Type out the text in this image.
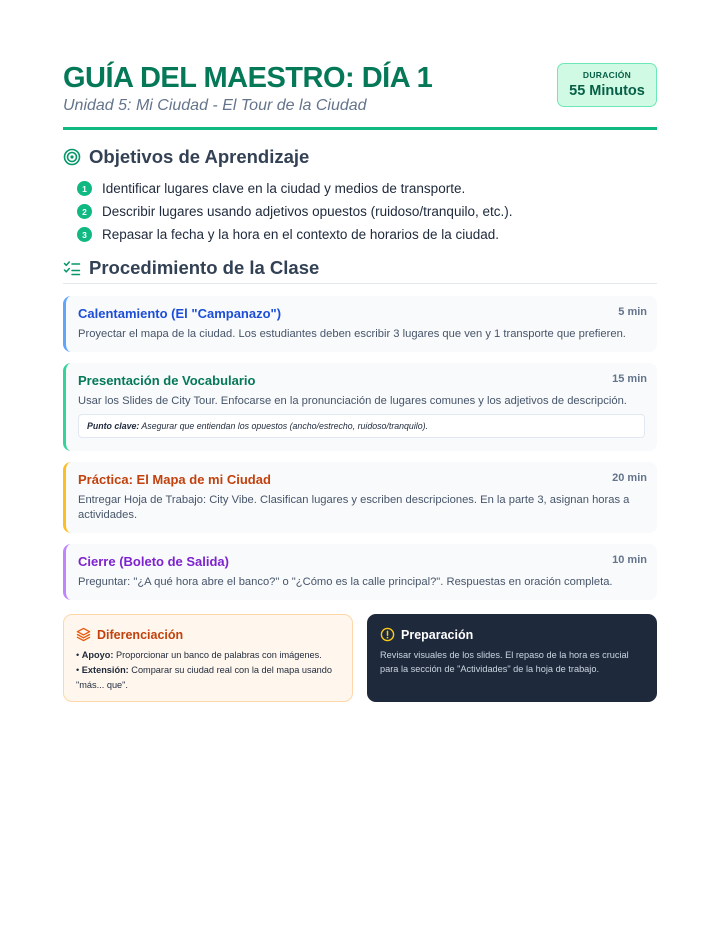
GUÍA DEL MAESTRO: DÍA 1
Unidad 5: Mi Ciudad - El Tour de la Ciudad
DURACIÓN
55 Minutos
Objetivos de Aprendizaje
1	Identificar lugares clave en la ciudad y medios de transporte.
2	Describir lugares usando adjetivos opuestos (ruidoso/tranquilo, etc.).
3	Repasar la fecha y la hora en el contexto de horarios de la ciudad.
Procedimiento de la Clase
Calentamiento (El "Campanazo")	5 min
Proyectar el mapa de la ciudad. Los estudiantes deben escribir 3 lugares que ven y 1 transporte que prefieren.
Presentación de Vocabulario	15 min
Usar los Slides de City Tour. Enfocarse en la pronunciación de lugares comunes y los adjetivos de descripción.
Punto clave: Asegurar que entiendan los opuestos (ancho/estrecho, ruidoso/tranquilo).
Práctica: El Mapa de mi Ciudad	20 min
Entregar Hoja de Trabajo: City Vibe. Clasifican lugares y escriben descripciones. En la parte 3, asignan horas a actividades.
Cierre (Boleto de Salida)	10 min
Preguntar: "¿A qué hora abre el banco?" o "¿Cómo es la calle principal?". Respuestas en oración completa.
Diferenciación
• Apoyo: Proporcionar un banco de palabras con imágenes.
• Extensión: Comparar su ciudad real con la del mapa usando "más... que".
Preparación
Revisar visuales de los slides. El repaso de la hora es crucial para la sección de "Actividades" de la hoja de trabajo.
